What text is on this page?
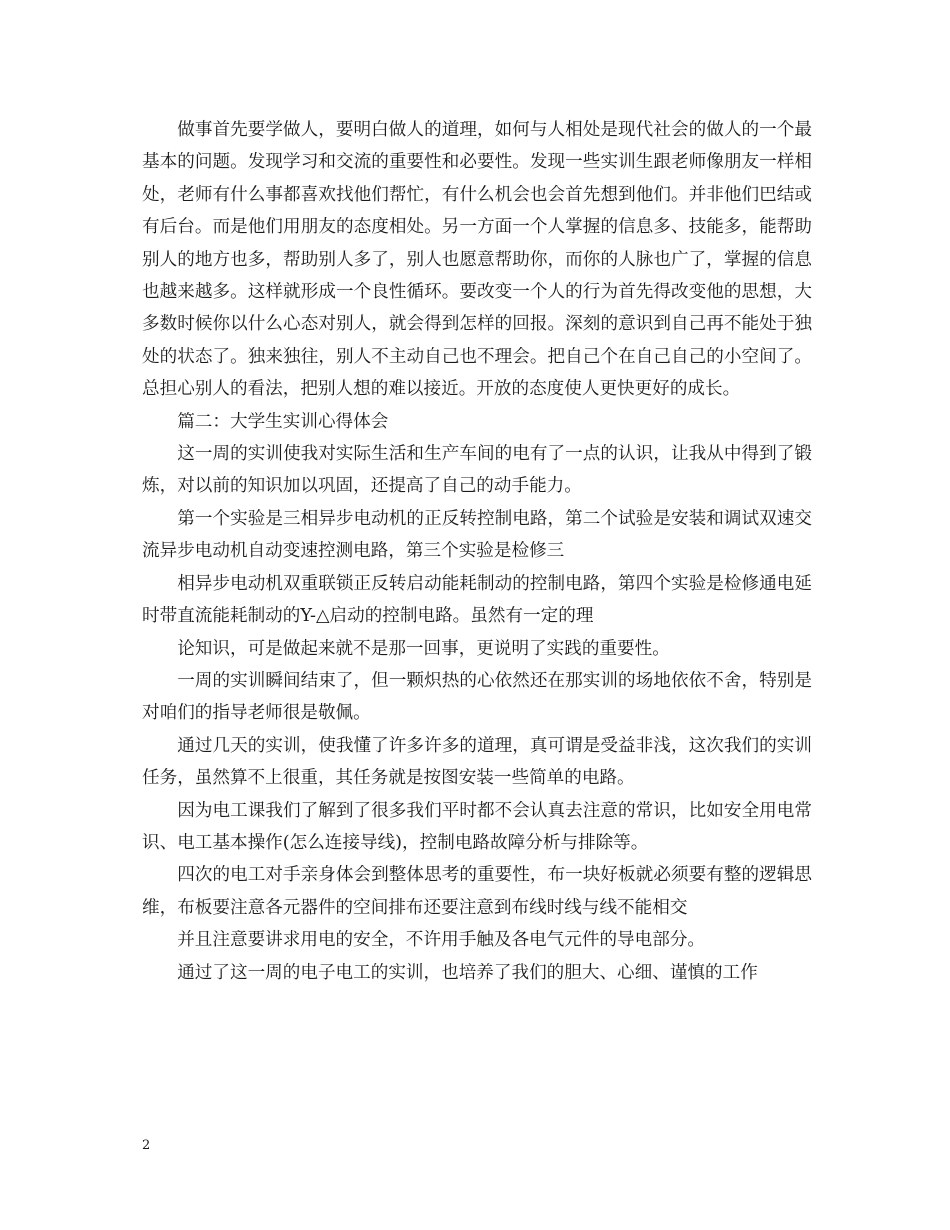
做事首先要学做人，要明白做人的道理，如何与人相处是现代社会的做人的一个最基本的问题。发现学习和交流的重要性和必要性。发现一些实训生跟老师像朋友一样相处，老师有什么事都喜欢找他们帮忙，有什么机会也会首先想到他们。并非他们巴结或有后台。而是他们用朋友的态度相处。另一方面一个人掌握的信息多、技能多，能帮助别人的地方也多，帮助别人多了，别人也愿意帮助你，而你的人脉也广了，掌握的信息也越来越多。这样就形成一个良性循环。要改变一个人的行为首先得改变他的思想，大多数时候你以什么心态对别人，就会得到怎样的回报。深刻的意识到自己再不能处于独处的状态了。独来独往，别人不主动自己也不理会。把自己个在自己自己的小空间了。总担心别人的看法，把别人想的难以接近。开放的态度使人更快更好的成长。

篇二：大学生实训心得体会

这一周的实训使我对实际生活和生产车间的电有了一点的认识，让我从中得到了锻炼，对以前的知识加以巩固，还提高了自己的动手能力。

第一个实验是三相异步电动机的正反转控制电路，第二个试验是安装和调试双速交流异步电动机自动变速控测电路，第三个实验是检修三

相异步电动机双重联锁正反转启动能耗制动的控制电路，第四个实验是检修通电延时带直流能耗制动的Y-△启动的控制电路。虽然有一定的理

论知识，可是做起来就不是那一回事，更说明了实践的重要性。

一周的实训瞬间结束了，但一颗炽热的心依然还在那实训的场地依依不舍，特别是对咱们的指导老师很是敬佩。

通过几天的实训，使我懂了许多许多的道理，真可谓是受益非浅，这次我们的实训任务，虽然算不上很重，其任务就是按图安装一些简单的电路。

因为电工课我们了解到了很多我们平时都不会认真去注意的常识，比如安全用电常识、电工基本操作(怎么连接导线)，控制电路故障分析与排除等。

四次的电工对手亲身体会到整体思考的重要性，布一块好板就必须要有整的逻辑思维，布板要注意各元器件的空间排布还要注意到布线时线与线不能相交

并且注意要讲求用电的安全，不许用手触及各电气元件的导电部分。

通过了这一周的电子电工的实训，也培养了我们的胆大、心细、谨慎的工作

2
